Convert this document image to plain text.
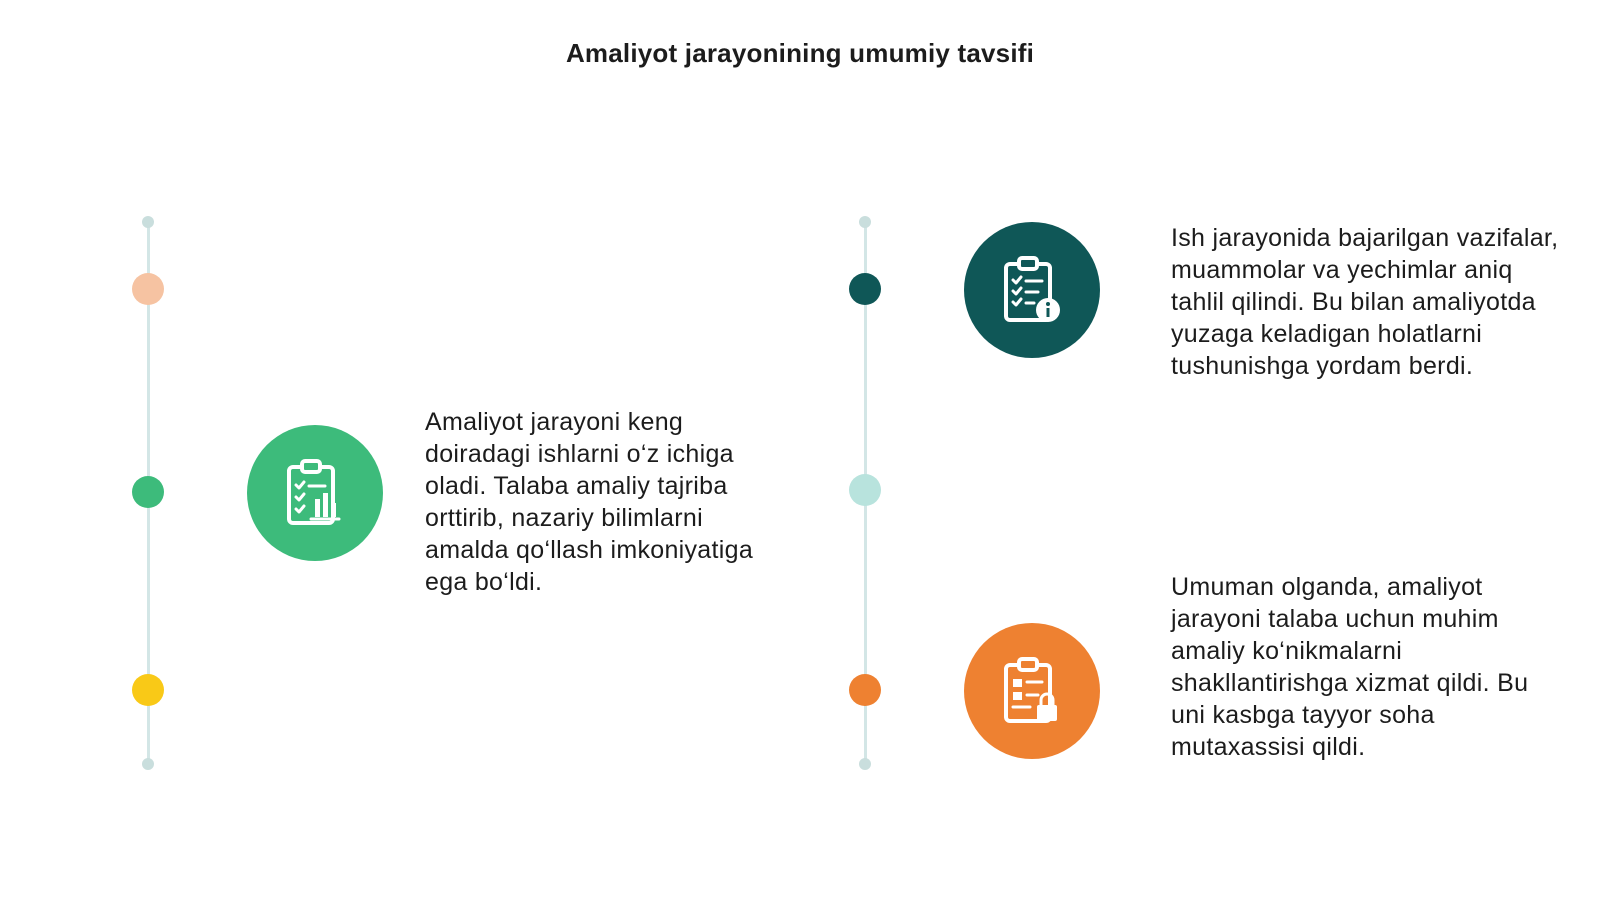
Amaliyot jarayonining umumiy tavsifi
Amaliyot jarayoni keng doiradagi ishlarni o‘z ichiga oladi. Talaba amaliy tajriba orttirib, nazariy bilimlarni amalda qo‘llash imkoniyatiga ega bo‘ldi.
Ish jarayonida bajarilgan vazifalar, muammolar va yechimlar aniq tahlil qilindi. Bu bilan amaliyotda yuzaga keladigan holatlarni tushunishga yordam berdi.
Umuman olganda, amaliyot jarayoni talaba uchun muhim amaliy ko‘nikmalarni shakllantirishga xizmat qildi. Bu uni kasbga tayyor soha mutaxassisi qildi.
